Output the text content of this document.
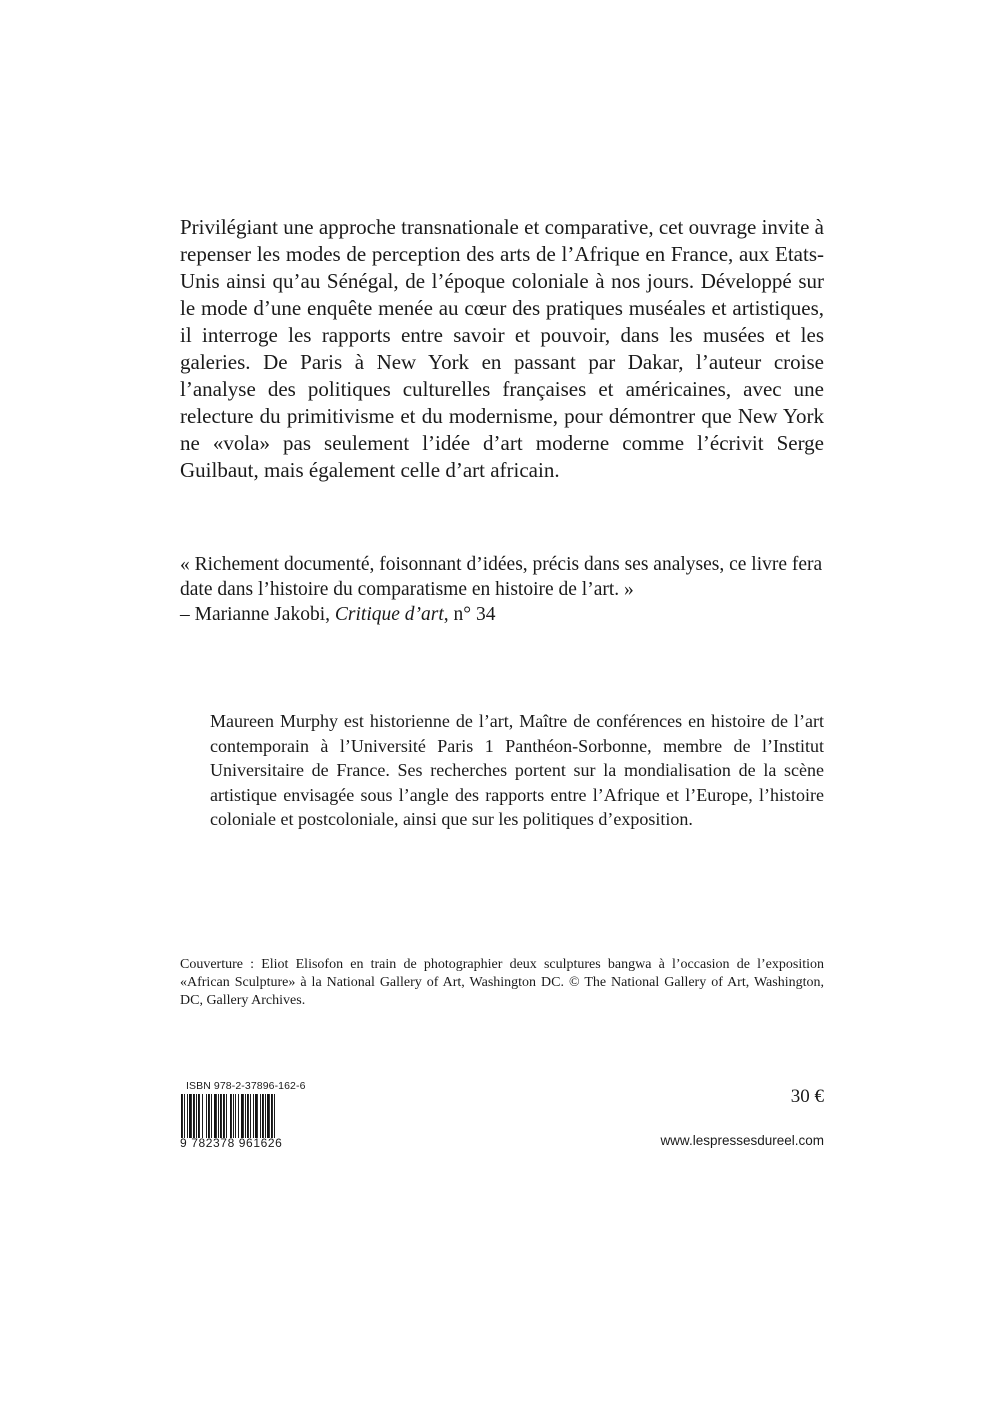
Privilégiant une approche transnationale et comparative, cet ouvrage invite à repenser les modes de perception des arts de l’Afrique en France, aux Etats-Unis ainsi qu’au Sénégal, de l’époque coloniale à nos jours. Développé sur le mode d’une enquête menée au cœur des pratiques muséales et artistiques, il interroge les rapports entre savoir et pouvoir, dans les musées et les galeries. De Paris à New York en passant par Dakar, l’auteur croise l’analyse des politiques culturelles françaises et américaines, avec une relecture du primitivisme et du modernisme, pour démontrer que New York ne «vola» pas seulement l’idée d’art moderne comme l’écrivit Serge Guilbaut, mais également celle d’art africain.

« Richement documenté, foisonnant d’idées, précis dans ses analyses, ce livre fera date dans l’histoire du comparatisme en histoire de l’art. »

– Marianne Jakobi, Critique d’art, n° 34

Maureen Murphy est historienne de l’art, Maître de conférences en histoire de l’art contemporain à l’Université Paris 1 Panthéon-Sorbonne, membre de l’Institut Universitaire de France. Ses recherches portent sur la mondialisation de la scène artistique envisagée sous l’angle des rapports entre l’Afrique et l’Europe, l’histoire coloniale et postcoloniale, ainsi que sur les politiques d’exposition.

Couverture : Eliot Elisofon en train de photographier deux sculptures bangwa à l’occasion de l’exposition «African Sculpture» à la National Gallery of Art, Washington DC. © The National Gallery of Art, Washington, DC, Gallery Archives.

ISBN 978-2-37896-162-6
9 782378 961626
30 €
www.lespressesdureel.com
